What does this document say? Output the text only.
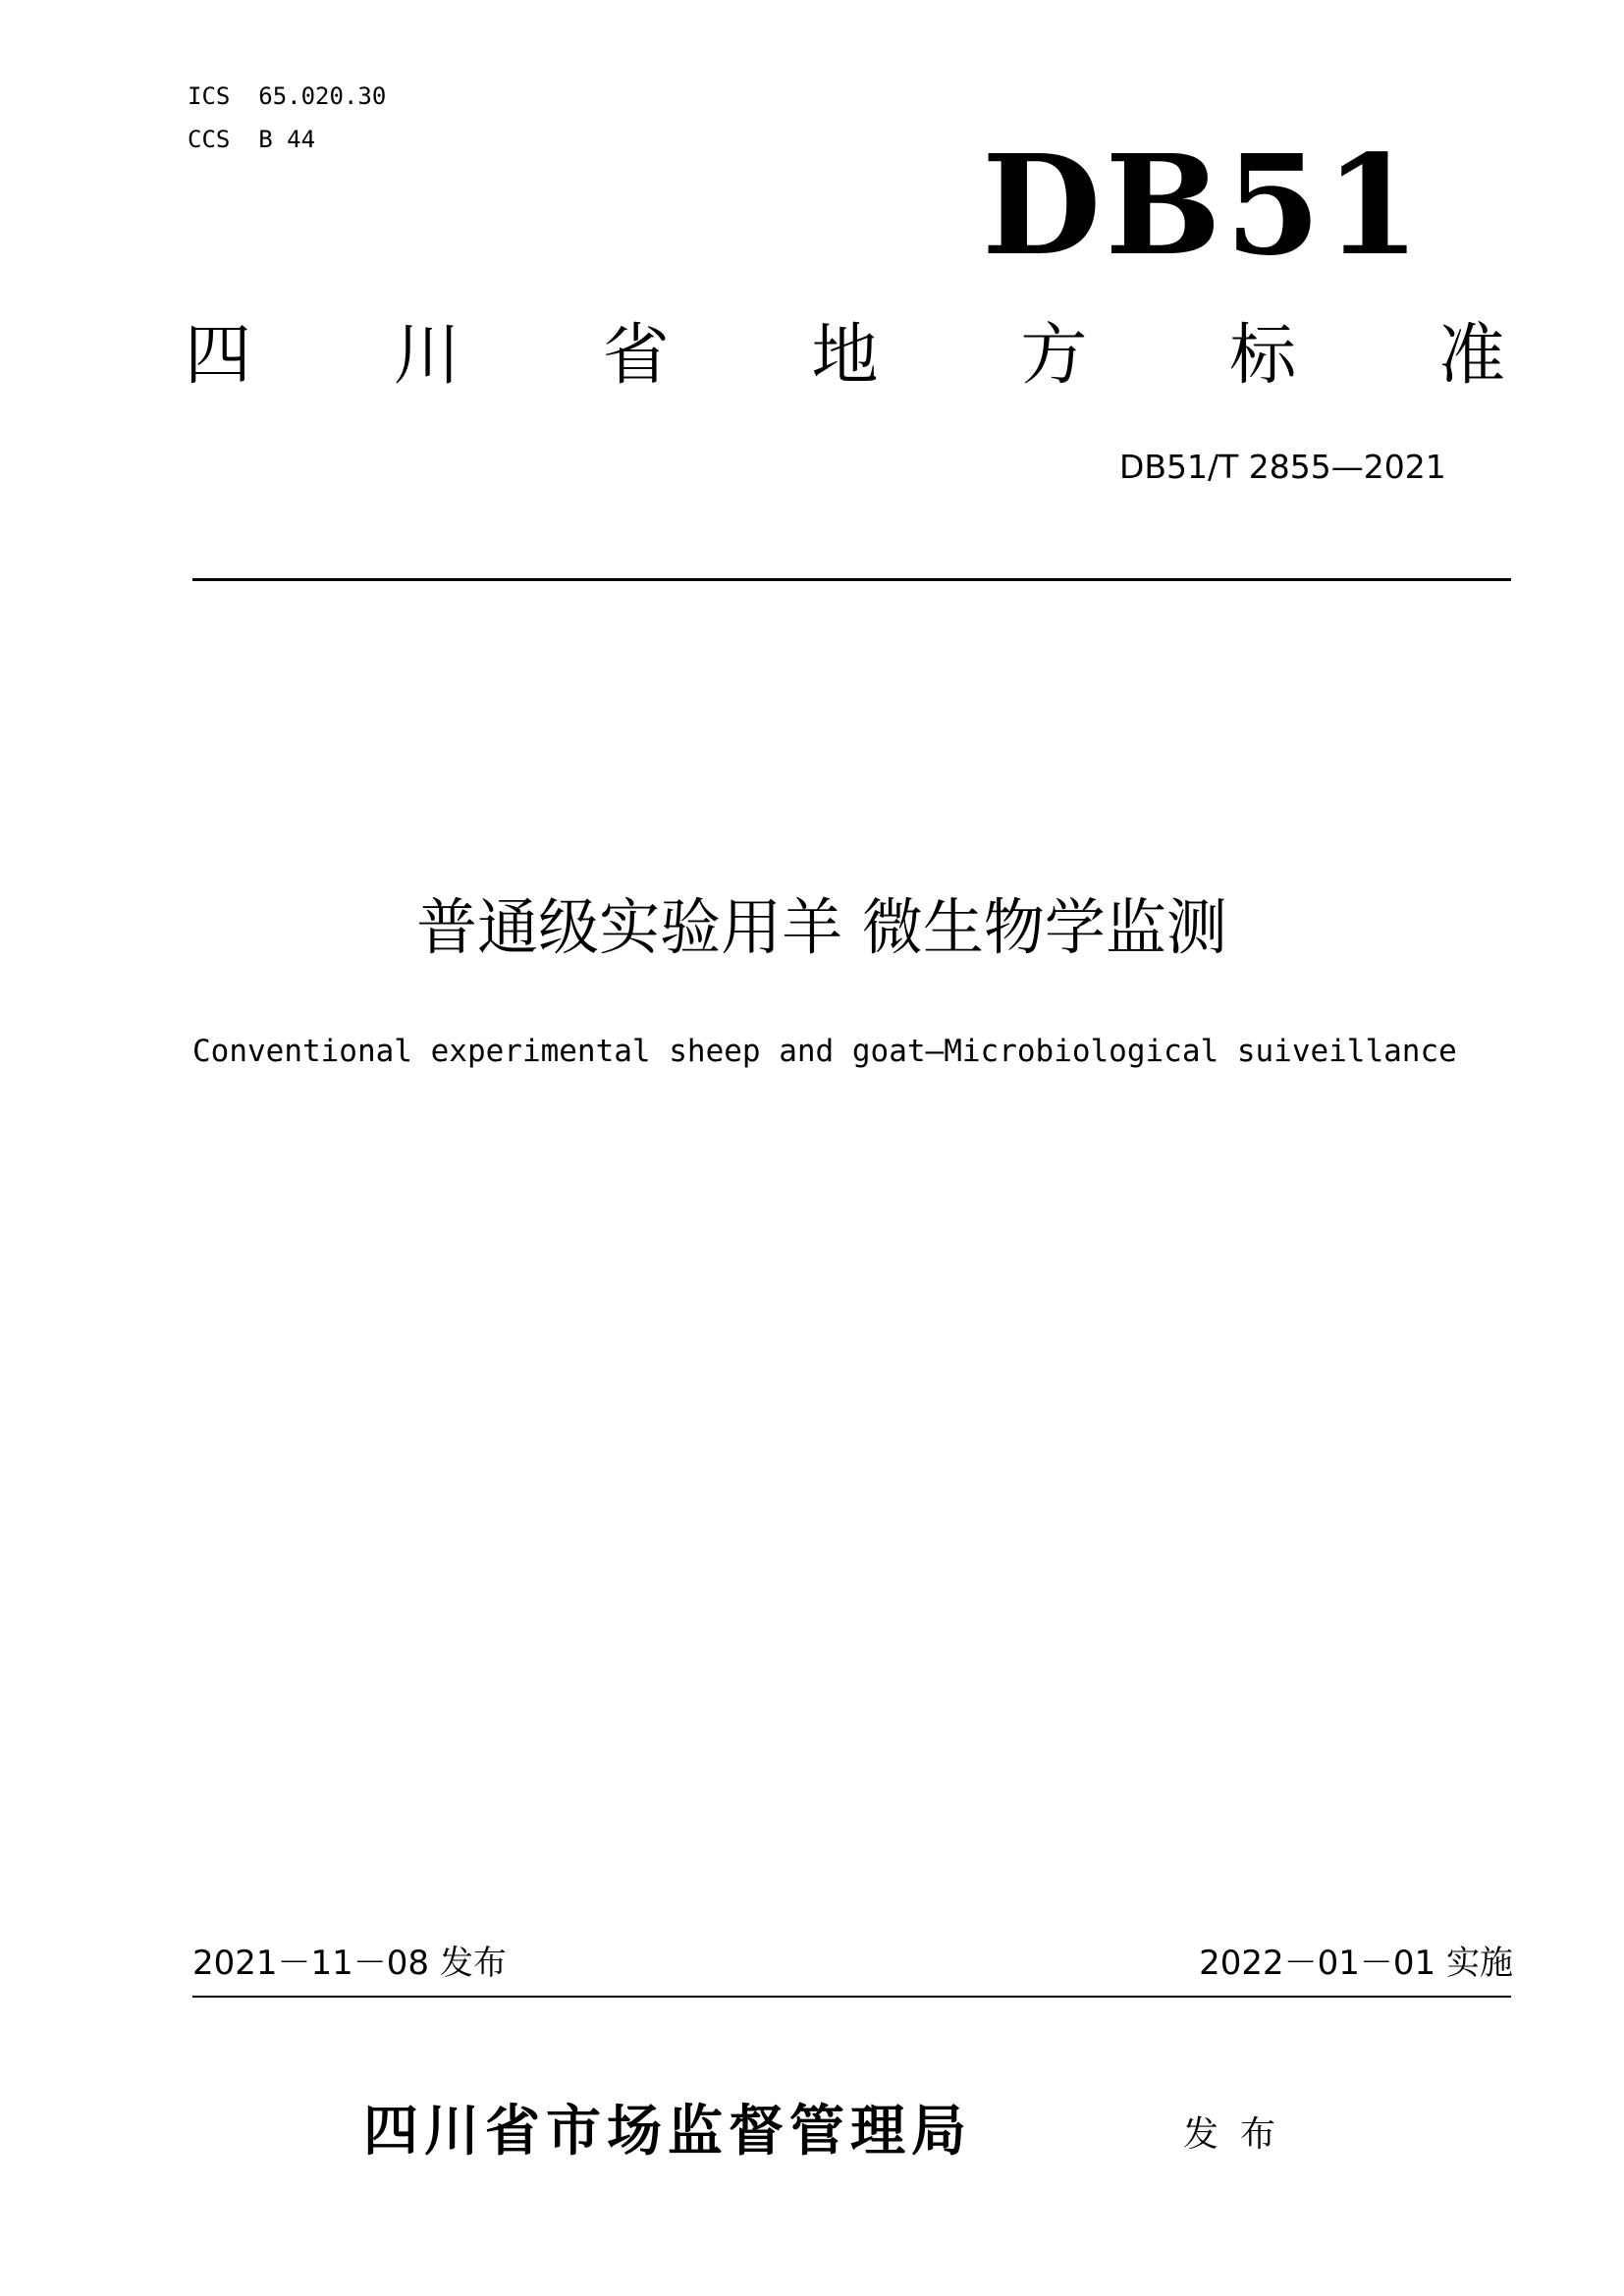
ICS  65.020.30
CCS  B 44	DB51
四 川 省 地 方 标 准
DB51/T 2855—2021
普通级实验用羊 微生物学监测
Conventional experimental sheep and goat—Microbiological suiveillance
2021－11－08 发布	2022－01－01 实施
四川省市场监督管理局	发布
